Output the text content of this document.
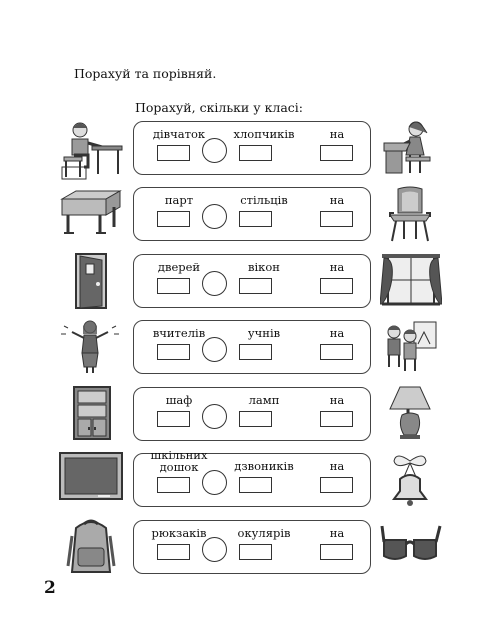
Порахуй та порівняй.

Порахуй, скільки у класі:

дівчаток	хлопчиків	на
парт	стільців	на
дверей	вікон	на
вчителів	учнів	на
шаф	ламп	на
шкільних дошок	дзвоників	на
рюкзаків	окулярів	на
2
